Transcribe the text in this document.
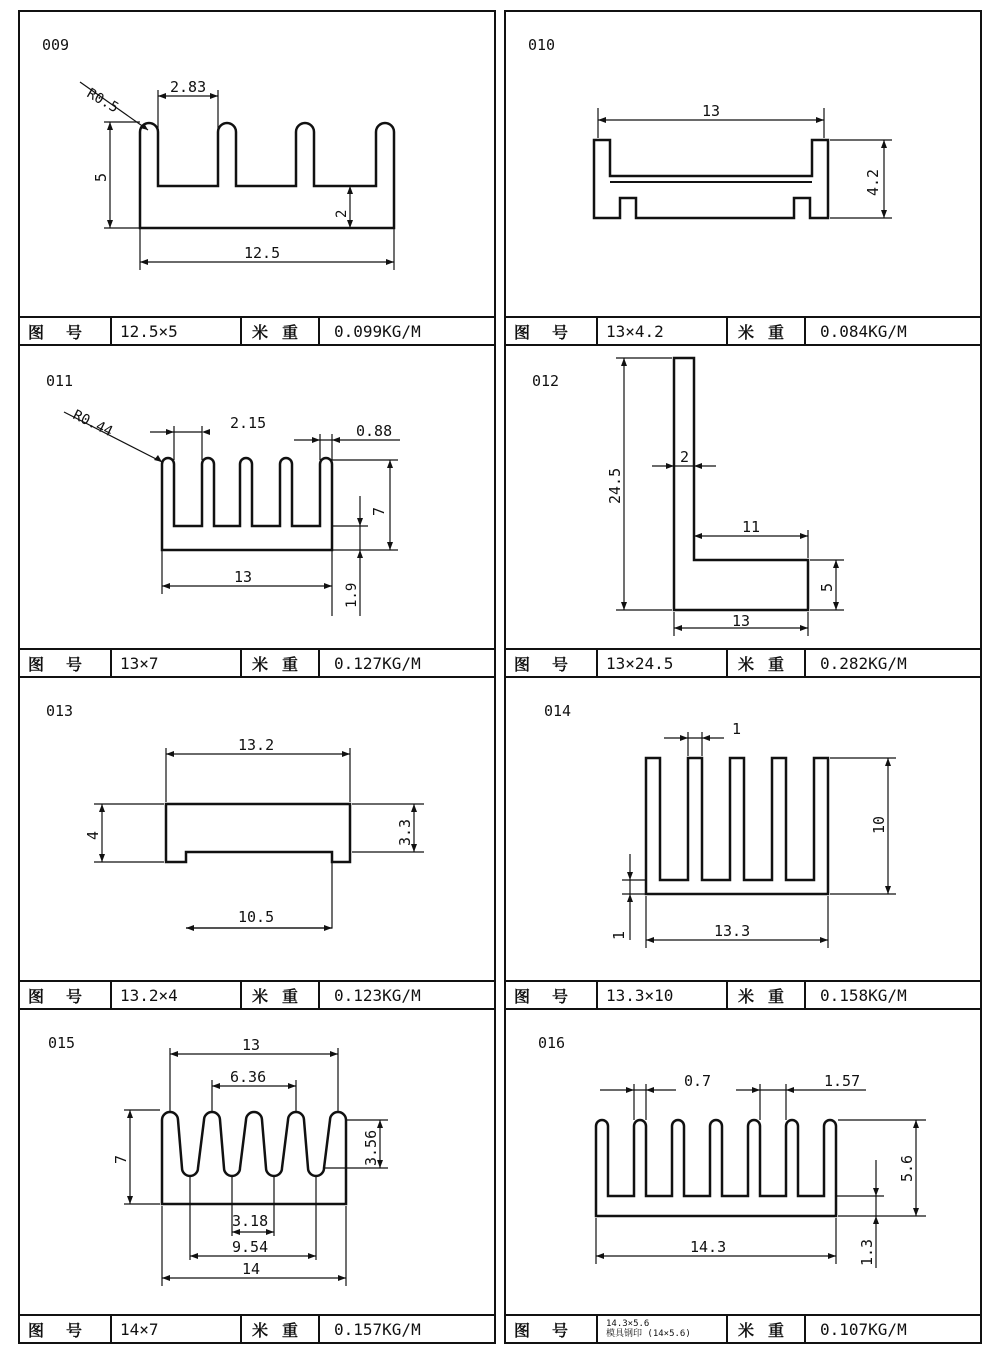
009
R0.5	2.83
5
2
12.5
图号 12.5×5	米重	0.099KG/M
010
13
4.2
图号 13×4.2	米重	0.084KG/M
011
R0.44	2.15	0.88
7
13
1.9
图号 13×7	米重	0.127KG/M
012
24.5
2
11
5
13
图号 13×24.5	米重	0.282KG/M
013
13.2
4	3.3
10.5
图号 13.2×4	米重	0.123KG/M
014
1
10
1	13.3
图号 13.3×10	米重	0.158KG/M
015	13
6.36
7	3.56
3.18
9.54
14
图号 14×7	米重	0.157KG/M
016
0.7	1.57
5.6
14.3	1.3
图号	14.3×5.6
模具钢印 (14×5.6)	米重	0.107KG/M
